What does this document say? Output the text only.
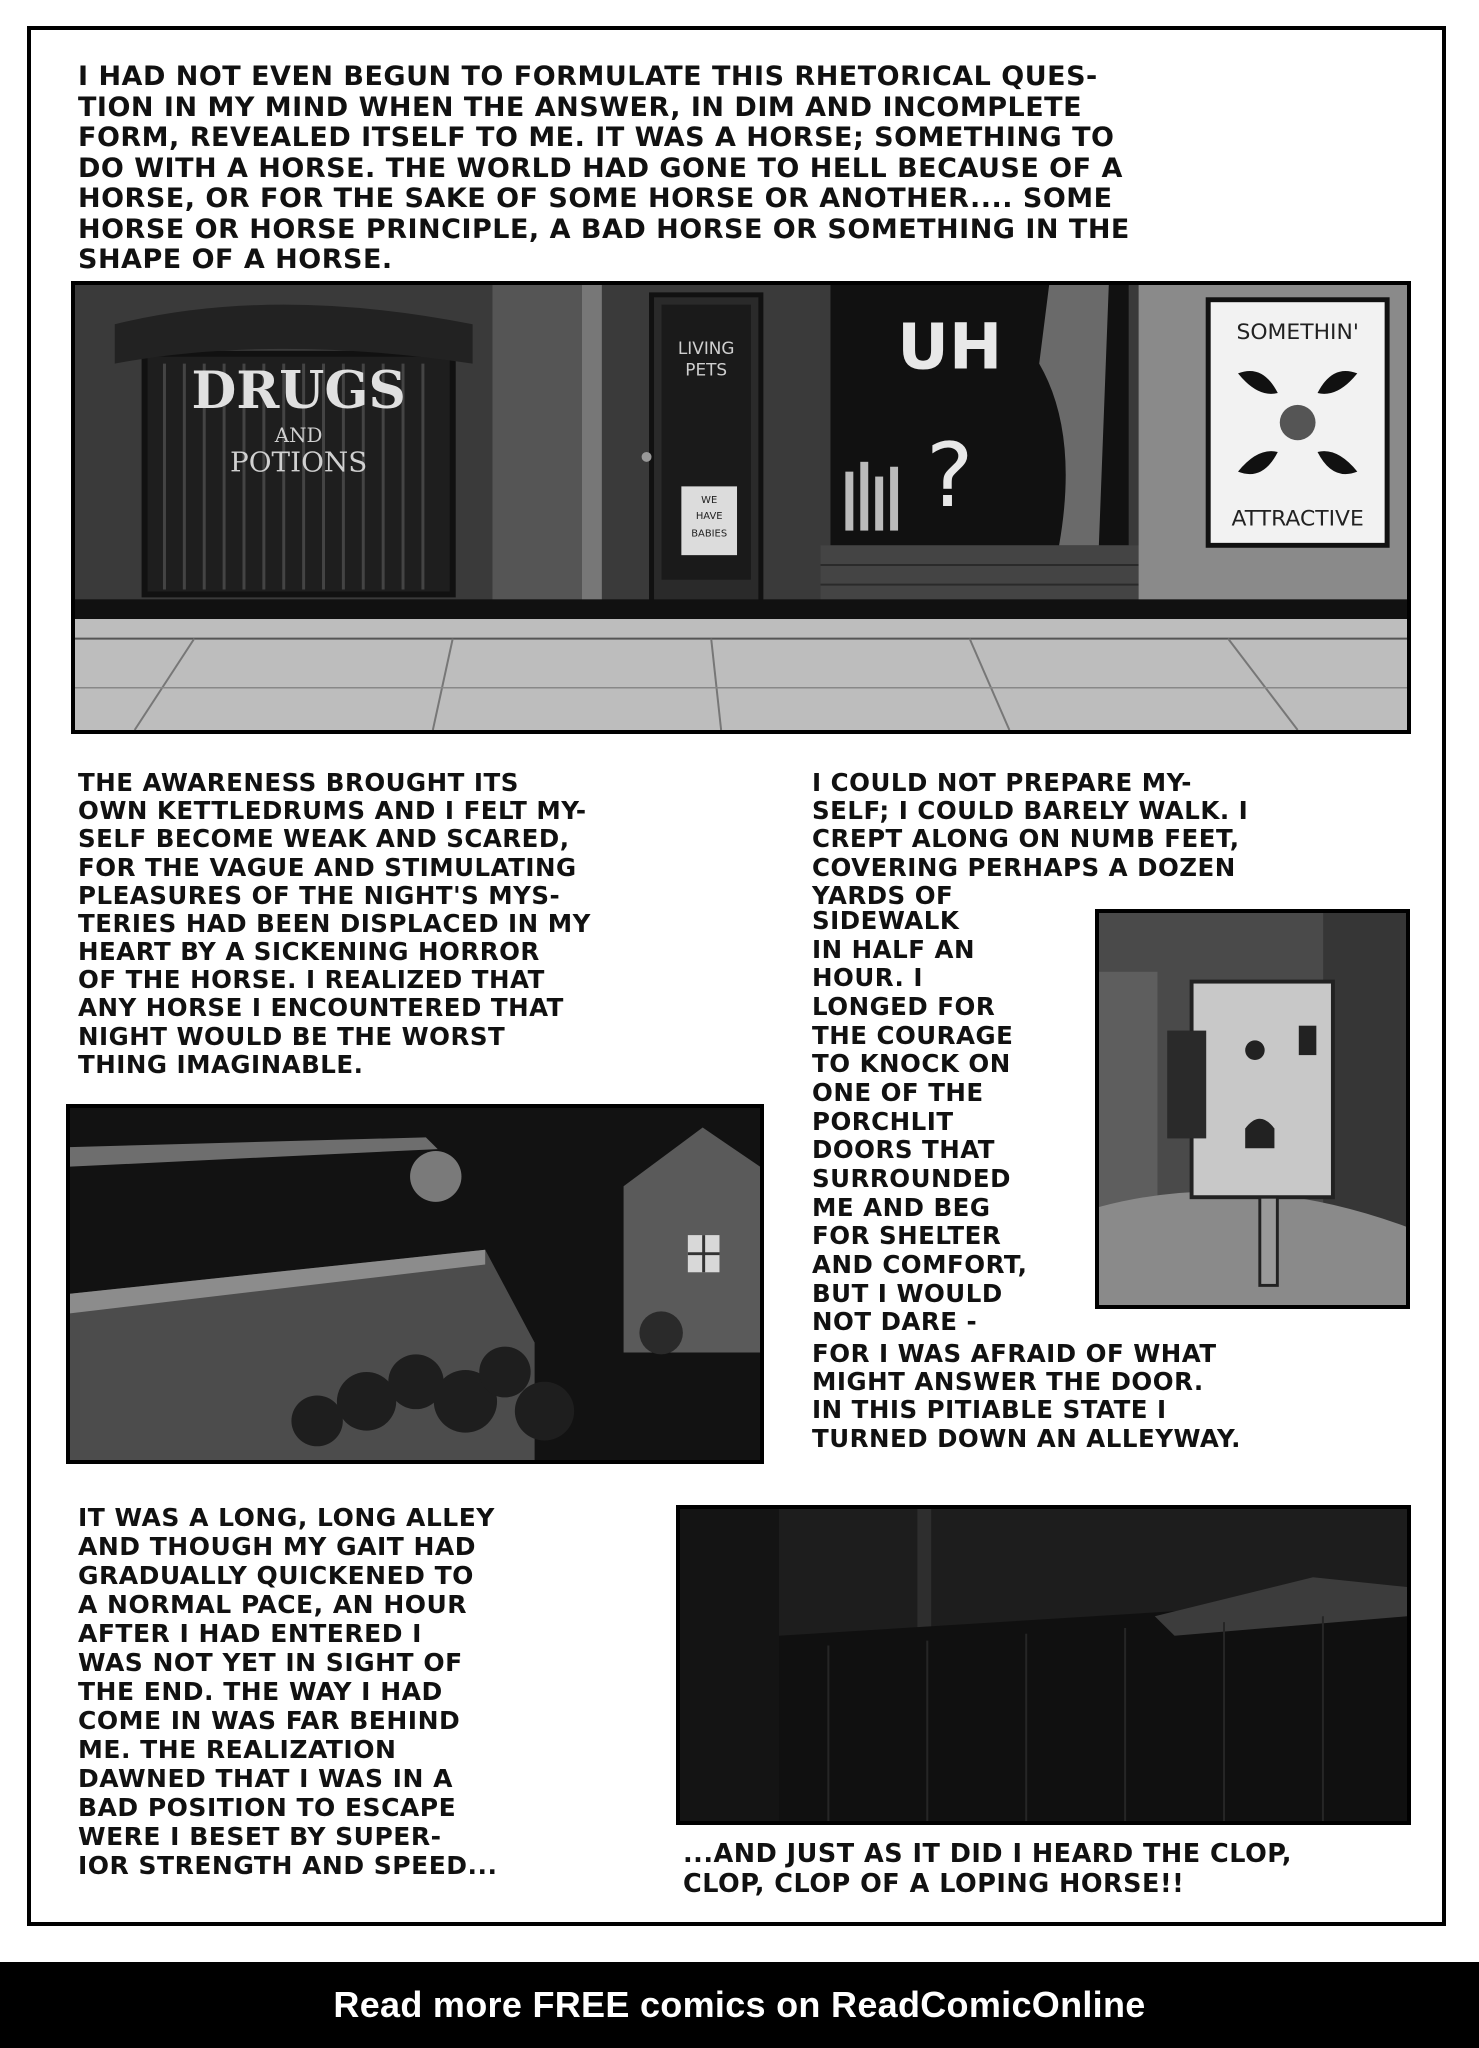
I HAD NOT EVEN BEGUN TO FORMULATE THIS RHETORICAL QUES-
TION IN MY MIND WHEN THE ANSWER, IN DIM AND INCOMPLETE
FORM, REVEALED ITSELF TO ME. IT WAS A HORSE; SOMETHING TO
DO WITH A HORSE. THE WORLD HAD GONE TO HELL BECAUSE OF A
HORSE, OR FOR THE SAKE OF SOME HORSE OR ANOTHER.... SOME
HORSE OR HORSE PRINCIPLE, A BAD HORSE OR SOMETHING IN THE
SHAPE OF A HORSE.

DRUGS
AND
POTIONS
LIVING
PETS
WE
HAVE
BABIES
UH
?
SOMETHIN'
ATTRACTIVE

THE AWARENESS BROUGHT ITS
OWN KETTLEDRUMS AND I FELT MY-
SELF BECOME WEAK AND SCARED,
FOR THE VAGUE AND STIMULATING
PLEASURES OF THE NIGHT'S MYS-
TERIES HAD BEEN DISPLACED IN MY
HEART BY A SICKENING HORROR
OF THE HORSE. I REALIZED THAT
ANY HORSE I ENCOUNTERED THAT
NIGHT WOULD BE THE WORST
THING IMAGINABLE.

I COULD NOT PREPARE MY-
SELF; I COULD BARELY WALK. I
CREPT ALONG ON NUMB FEET,
COVERING PERHAPS A DOZEN
YARDS OF

SIDEWALK
IN HALF AN
HOUR. I
LONGED FOR
THE COURAGE
TO KNOCK ON
ONE OF THE
PORCHLIT
DOORS THAT
SURROUNDED
ME AND BEG
FOR SHELTER
AND COMFORT,
BUT I WOULD
NOT DARE -

FOR I WAS AFRAID OF WHAT
MIGHT ANSWER THE DOOR.
IN THIS PITIABLE STATE I
TURNED DOWN AN ALLEYWAY.

IT WAS A LONG, LONG ALLEY
AND THOUGH MY GAIT HAD
GRADUALLY QUICKENED TO
A NORMAL PACE, AN HOUR
AFTER I HAD ENTERED I
WAS NOT YET IN SIGHT OF
THE END. THE WAY I HAD
COME IN WAS FAR BEHIND
ME. THE REALIZATION
DAWNED THAT I WAS IN A
BAD POSITION TO ESCAPE
WERE I BESET BY SUPER-
IOR STRENGTH AND SPEED...	...AND JUST AS IT DID I HEARD THE CLOP,
CLOP, CLOP OF A LOPING HORSE!!

Read more FREE comics on ReadComicOnline
